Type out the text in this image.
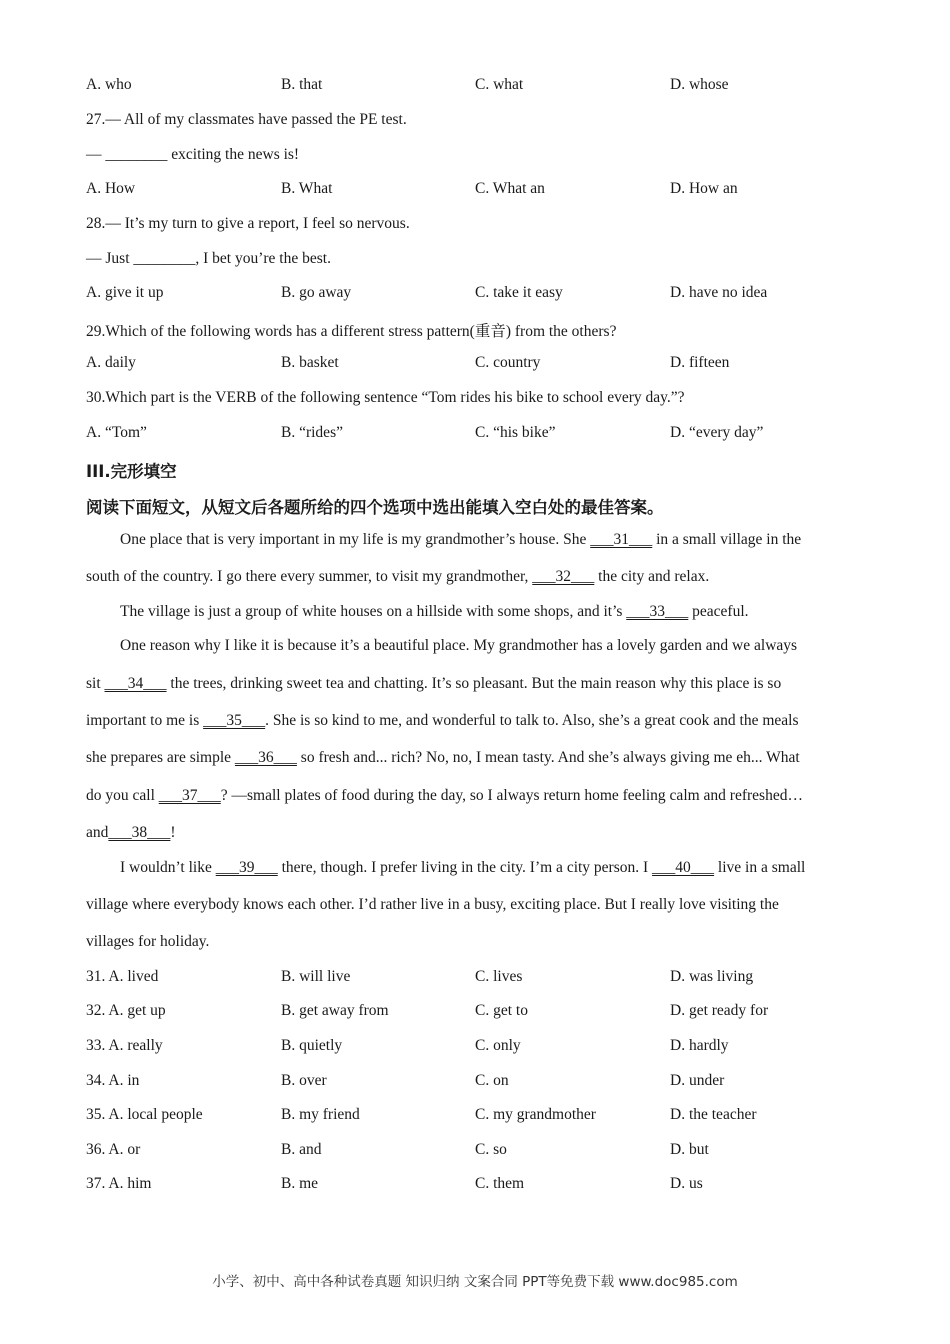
A. who	B. that	C. what	D. whose
27.— All of my classmates have passed the PE test.
— ________ exciting the news is!
A. How	B. What	C. What an	D. How an
28.— It’s my turn to give a report, I feel so nervous.
— Just ________, I bet you’re the best.
A. give it up	B. go away	C. take it easy	D. have no idea
29.Which of the following words has a different stress pattern(重音) from the others?
A. daily	B. basket	C. country	D. fifteen
30.Which part is the VERB of the following sentence “Tom rides his bike to school every day.”?
A. “Tom”	B. “rides”	C. “his bike”	D. “every day”
III.完形填空
阅读下面短文，从短文后各题所给的四个选项中选出能填入空白处的最佳答案。
One place that is very important in my life is my grandmother’s house. She ___31___ in a small village in the
south of the country. I go there every summer, to visit my grandmother, ___32___ the city and relax.
The village is just a group of white houses on a hillside with some shops, and it’s ___33___ peaceful.
One reason why I like it is because it’s a beautiful place. My grandmother has a lovely garden and we always
sit ___34___ the trees, drinking sweet tea and chatting. It’s so pleasant. But the main reason why this place is so
important to me is ___35___. She is so kind to me, and wonderful to talk to. Also, she’s a great cook and the meals
she prepares are simple ___36___ so fresh and... rich? No, no, I mean tasty. And she’s always giving me eh... What
do you call ___37___? —small plates of food during the day, so I always return home feeling calm and refreshed…
and___38___!
I wouldn’t like ___39___ there, though. I prefer living in the city. I’m a city person. I ___40___ live in a small
village where everybody knows each other. I’d rather live in a busy, exciting place. But I really love visiting the
villages for holiday.
31. A. lived	B. will live	C. lives	D. was living
32. A. get up	B. get away from	C. get to	D. get ready for
33. A. really	B. quietly	C. only	D. hardly
34. A. in	B. over	C. on	D. under
35. A. local people	B. my friend	C. my grandmother	D. the teacher
36. A. or	B. and	C. so	D. but
37. A. him	B. me	C. them	D. us
小学、初中、高中各种试卷真题 知识归纳 文案合同 PPT等免费下载 www.doc985.com
